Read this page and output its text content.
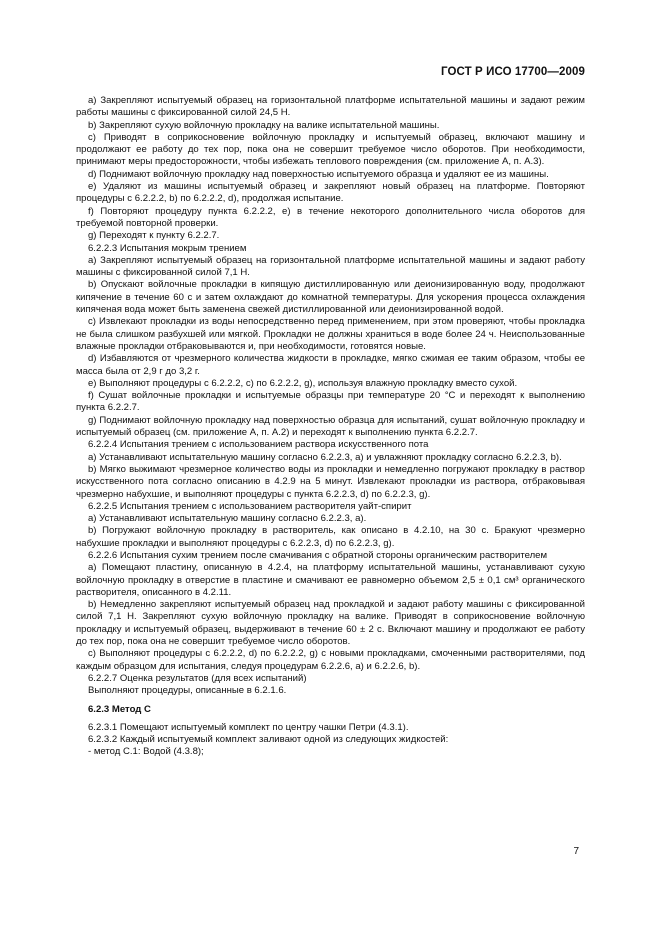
ГОСТ Р ИСО 17700—2009

a) Закрепляют испытуемый образец на горизонтальной платформе испытательной машины и задают режим работы машины с фиксированной силой 24,5 Н.

b) Закрепляют сухую войлочную прокладку на валике испытательной машины.

c) Приводят в соприкосновение войлочную прокладку и испытуемый образец, включают машину и продолжают ее работу до тех пор, пока она не совершит требуемое число оборотов. При необходимости, принимают меры предосторожности, чтобы избежать теплового повреждения (см. приложение А, п. А.3).

d) Поднимают войлочную прокладку над поверхностью испытуемого образца и удаляют ее из машины.

e) Удаляют из машины испытуемый образец и закрепляют новый образец на платформе. Повторяют процедуры с 6.2.2.2, b) по 6.2.2.2, d), продолжая испытание.

f) Повторяют процедуру пункта 6.2.2.2, e) в течение некоторого дополнительного числа оборотов для требуемой повторной проверки.

g) Переходят к пункту 6.2.2.7.

6.2.2.3 Испытания мокрым трением

a) Закрепляют испытуемый образец на горизонтальной платформе испытательной машины и задают работу машины с фиксированной силой 7,1 Н.

b) Опускают войлочные прокладки в кипящую дистиллированную или деионизированную воду, продолжают кипячение в течение 60 с и затем охлаждают до комнатной температуры. Для ускорения процесса охлаждения кипяченая вода может быть заменена свежей дистиллированной или деионизированной водой.

c) Извлекают прокладки из воды непосредственно перед применением, при этом проверяют, чтобы прокладка не была слишком разбухшей или мягкой. Прокладки не должны храниться в воде более 24 ч. Неиспользованные влажные прокладки отбраковываются и, при необходимости, готовятся новые.

d) Избавляются от чрезмерного количества жидкости в прокладке, мягко сжимая ее таким образом, чтобы ее масса была от 2,9 г до 3,2 г.

e) Выполняют процедуры с 6.2.2.2, с) по 6.2.2.2, g), используя влажную прокладку вместо сухой.

f) Сушат войлочные прокладки и испытуемые образцы при температуре 20 °С и переходят к выполнению пункта 6.2.2.7.

g) Поднимают войлочную прокладку над поверхностью образца для испытаний, сушат войлочную прокладку и испытуемый образец (см. приложение А, п. А.2) и переходят к выполнению пункта 6.2.2.7.

6.2.2.4 Испытания трением с использованием раствора искусственного пота

a) Устанавливают испытательную машину согласно 6.2.2.3, а) и увлажняют прокладку согласно 6.2.2.3, b).

b) Мягко выжимают чрезмерное количество воды из прокладки и немедленно погружают прокладку в раствор искусственного пота согласно описанию в 4.2.9 на 5 минут. Извлекают прокладки из раствора, отбраковывая чрезмерно набухшие, и выполняют процедуры с пункта 6.2.2.3, d) по 6.2.2.3, g).

6.2.2.5 Испытания трением с использованием растворителя уайт-спирит

a) Устанавливают испытательную машину согласно 6.2.2.3, а).

b) Погружают войлочную прокладку в растворитель, как описано в 4.2.10, на 30 с. Бракуют чрезмерно набухшие прокладки и выполняют процедуры с 6.2.2.3, d) по 6.2.2.3, g).

6.2.2.6 Испытания сухим трением после смачивания с обратной стороны органическим растворителем

a) Помещают пластину, описанную в 4.2.4, на платформу испытательной машины, устанавливают сухую войлочную прокладку в отверстие в пластине и смачивают ее равномерно объемом 2,5 ± 0,1 см³ органического растворителя, описанного в 4.2.11.

b) Немедленно закрепляют испытуемый образец над прокладкой и задают работу машины с фиксированной силой 7,1 Н. Закрепляют сухую войлочную прокладку на валике. Приводят в соприкосновение войлочную прокладку и испытуемый образец, выдерживают в течение 60 ± 2 с. Включают машину и продолжают ее работу до тех пор, пока она не совершит требуемое число оборотов.

c) Выполняют процедуры с 6.2.2.2, d) по 6.2.2.2, g) с новыми прокладками, смоченными растворителями, под каждым образцом для испытания, следуя процедурам 6.2.2.6, а) и 6.2.2.6, b).

6.2.2.7 Оценка результатов (для всех испытаний)

Выполняют процедуры, описанные в 6.2.1.6.

6.2.3 Метод С

6.2.3.1 Помещают испытуемый комплект по центру чашки Петри (4.3.1).

6.2.3.2 Каждый испытуемый комплект заливают одной из следующих жидкостей:

- метод С.1: Водой (4.3.8);

7
